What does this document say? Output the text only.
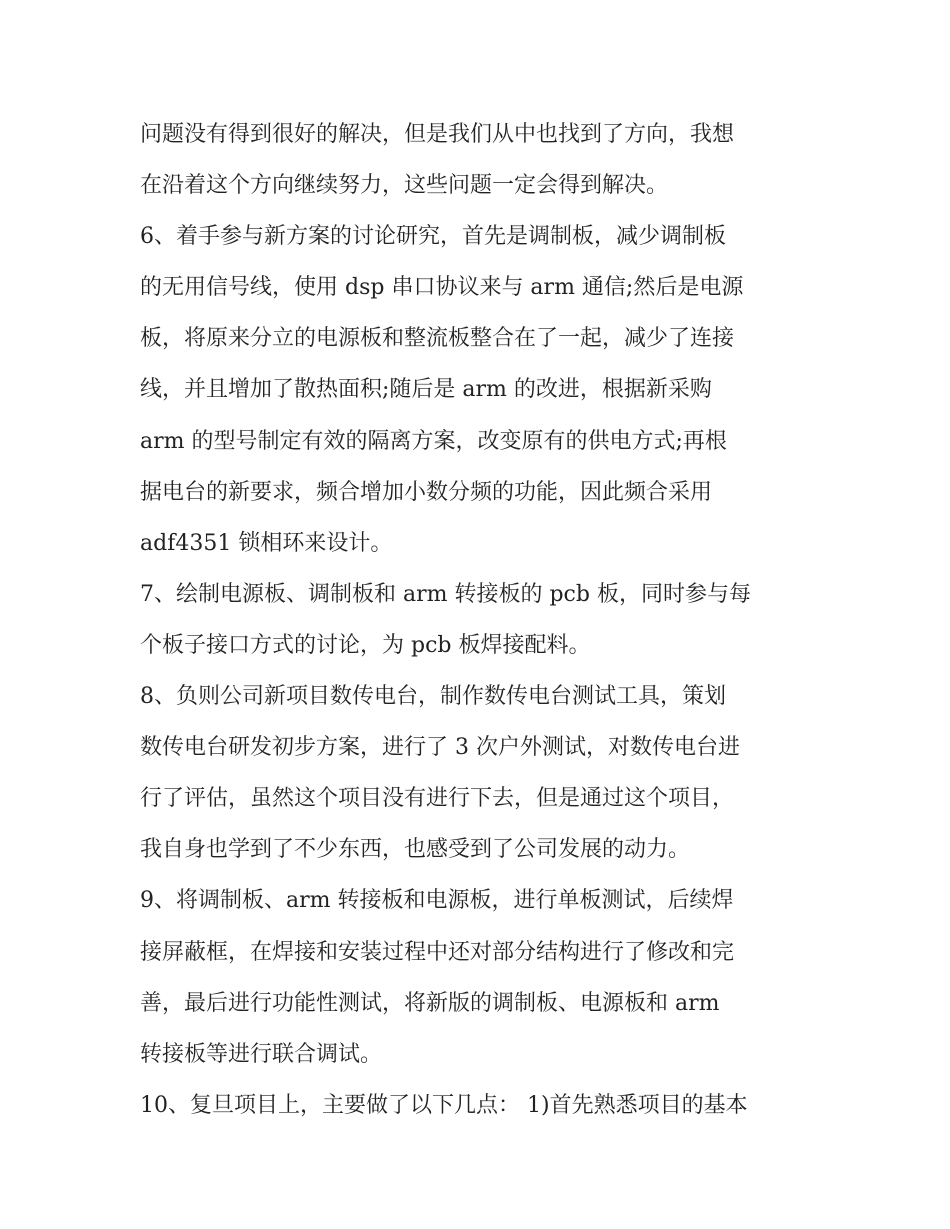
问题没有得到很好的解决，但是我们从中也找到了方向，我想
在沿着这个方向继续努力，这些问题一定会得到解决。
6、着手参与新方案的讨论研究，首先是调制板，减少调制板
的无用信号线，使用 dsp 串口协议来与 arm 通信;然后是电源
板，将原来分立的电源板和整流板整合在了一起，减少了连接
线，并且增加了散热面积;随后是 arm 的改进，根据新采购
arm 的型号制定有效的隔离方案，改变原有的供电方式;再根
据电台的新要求，频合增加小数分频的功能，因此频合采用
adf4351 锁相环来设计。
7、绘制电源板、调制板和 arm 转接板的 pcb 板，同时参与每
个板子接口方式的讨论，为 pcb 板焊接配料。
8、负则公司新项目数传电台，制作数传电台测试工具，策划
数传电台研发初步方案，进行了 3 次户外测试，对数传电台进
行了评估，虽然这个项目没有进行下去，但是通过这个项目，
我自身也学到了不少东西，也感受到了公司发展的动力。
9、将调制板、arm 转接板和电源板，进行单板测试，后续焊
接屏蔽框，在焊接和安装过程中还对部分结构进行了修改和完
善，最后进行功能性测试，将新版的调制板、电源板和 arm
转接板等进行联合调试。
10、复旦项目上，主要做了以下几点： 1)首先熟悉项目的基本
